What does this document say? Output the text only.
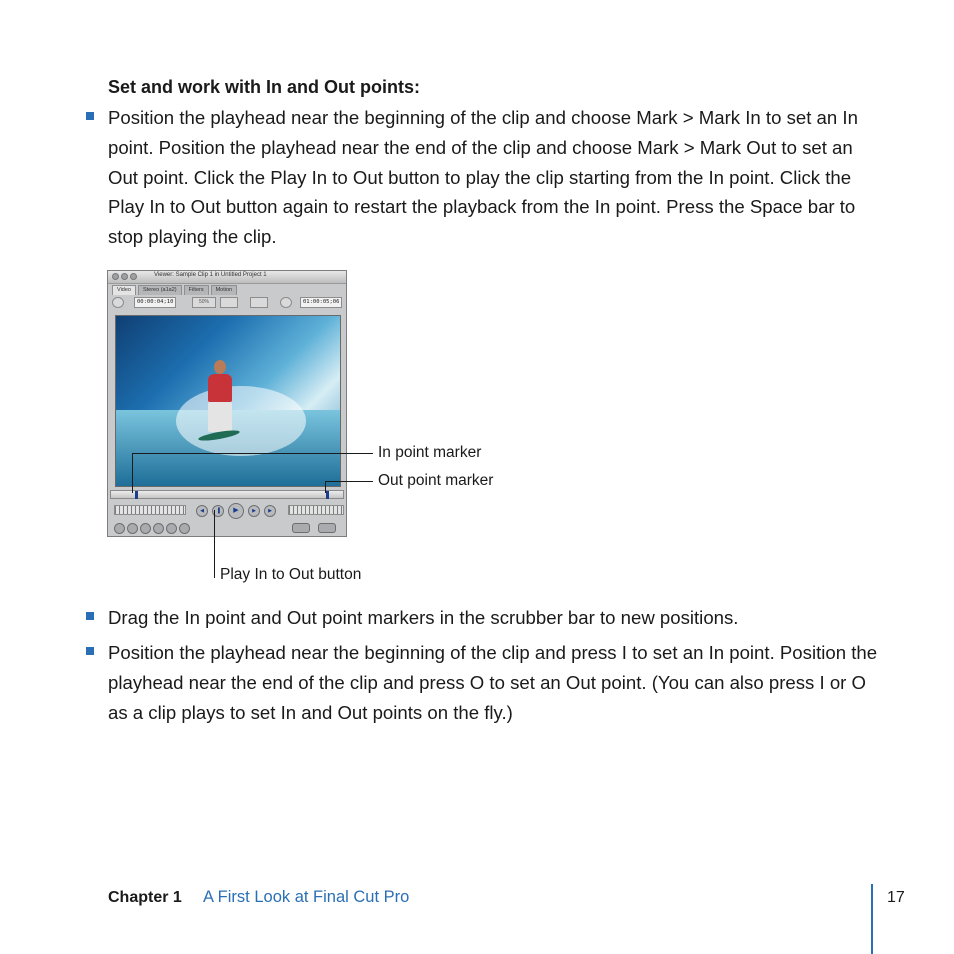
Set and work with In and Out points:
Position the playhead near the beginning of the clip and choose Mark > Mark In to set an In point. Position the playhead near the end of the clip and choose Mark > Mark Out to set an Out point. Click the Play In to Out button to play the clip starting from the In point. Click the Play In to Out button again to restart the playback from the In point. Press the Space bar to stop playing the clip.
Viewer: Sample Clip 1 in Untitled Project 1
Video	Stereo (a1a2)	Filters	Motion
00:00:04;10	50%	01:00:05;06
◀	▐	▶	▶	▶
In point marker
Out point marker
Play In to Out button
Drag the In point and Out point markers in the scrubber bar to new positions.
Position the playhead near the beginning of the clip and press I to set an In point. Position the playhead near the end of the clip and press O to set an Out point. (You can also press I or O as a clip plays to set In and Out points on the fly.)
Chapter 1 A First Look at Final Cut Pro	17
